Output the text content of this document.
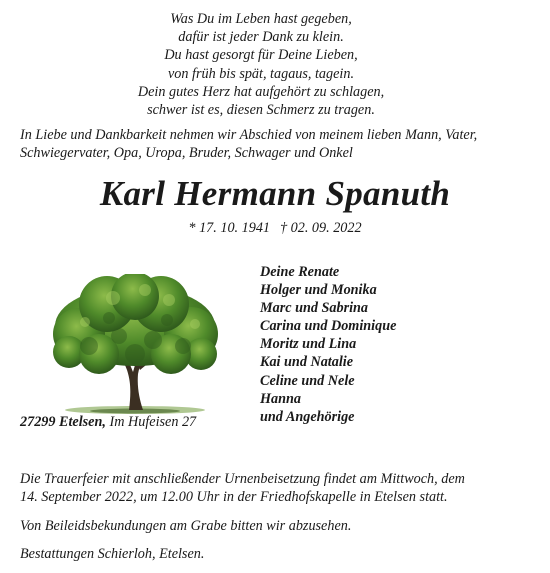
Was Du im Leben hast gegeben,
dafür ist jeder Dank zu klein.
Du hast gesorgt für Deine Lieben,
von früh bis spät, tagaus, tagein.
Dein gutes Herz hat aufgehört zu schlagen,
schwer ist es, diesen Schmerz zu tragen.
In Liebe und Dankbarkeit nehmen wir Abschied von meinem lieben Mann, Vater, Schwiegervater, Opa, Uropa, Bruder, Schwager und Onkel
Karl Hermann Spanuth
* 17. 10. 1941 † 02. 09. 2022
Deine Renate
Holger und Monika
Marc und Sabrina
Carina und Dominique
Moritz und Lina
Kai und Natalie
Celine und Nele
Hanna
und Angehörige
27299 Etelsen, Im Hufeisen 27
Die Trauerfeier mit anschließender Urnenbeisetzung findet am Mittwoch, dem
14. September 2022, um 12.00 Uhr in der Friedhofskapelle in Etelsen statt.
Von Beileidsbekundungen am Grabe bitten wir abzusehen.
Bestattungen Schierloh, Etelsen.
